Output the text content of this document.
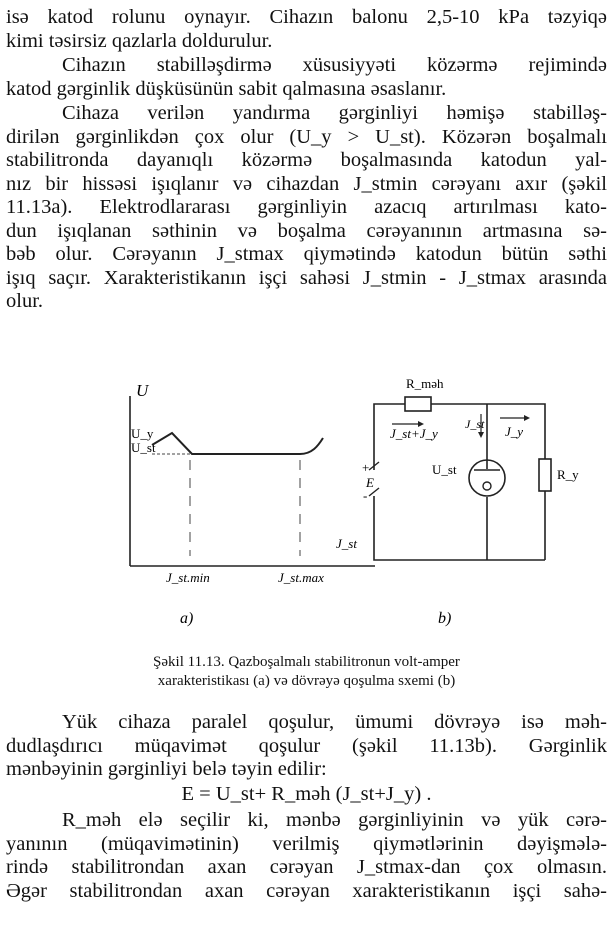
isə katod rolunu oynayır. Cihazın balonu 2,5-10 kPa təzyiqə
kimi təsirsiz qazlarla doldurulur.

Cihazın stabilləşdirmə xüsusiyyəti közərmə rejimində
katod gərginlik düşküsünün sabit qalmasına əsaslanır.

Cihaza verilən yandırma gərginliyi həmişə stabilləş-
dirilən gərginlikdən çox olur (U_y > U_st). Közərən boşalmalı
stabilitronda dayanıqlı közərmə boşalmasında katodun yal-
nız bir hissəsi işıqlanır və cihazdan J_stmin cərəyanı axır (şəkil
11.13a). Elektrodlararası gərginliyin azacıq artırılması kato-
dun işıqlanan səthinin və boşalma cərəyanının artmasına sə-
bəb olur. Cərəyanın J_stmax qiymətində katodun bütün səthi
işıq saçır. Xarakteristikanın işçi sahəsi J_stmin - J_stmax arasında
olur.

U
J_st
U_y
U_st
J_st.min	J_st.max
a)
R_məh
U_st	R_y
+
E
-
J_st+J_y
J_st J_y
b)
Şəkil 11.13. Qazboşalmalı stabilitronun volt-amper
xarakteristikası (a) və dövrəyə qoşulma sxemi (b)

Yük cihaza paralel qoşulur, ümumi dövrəyə isə məh-
dudlaşdırıcı müqavimət qoşulur (şəkil 11.13b). Gərginlik
mənbəyinin gərginliyi belə təyin edilir:

E = U_st+ R_məh (J_st+J_y) .

R_məh elə seçilir ki, mənbə gərginliyinin və yük cərə-
yanının (müqavimətinin) verilmiş qiymətlərinin dəyişmələ-
rində stabilitrondan axan cərəyan J_stmax-dan çox olmasın.
Əgər stabilitrondan axan cərəyan xarakteristikanın işçi sahə-
